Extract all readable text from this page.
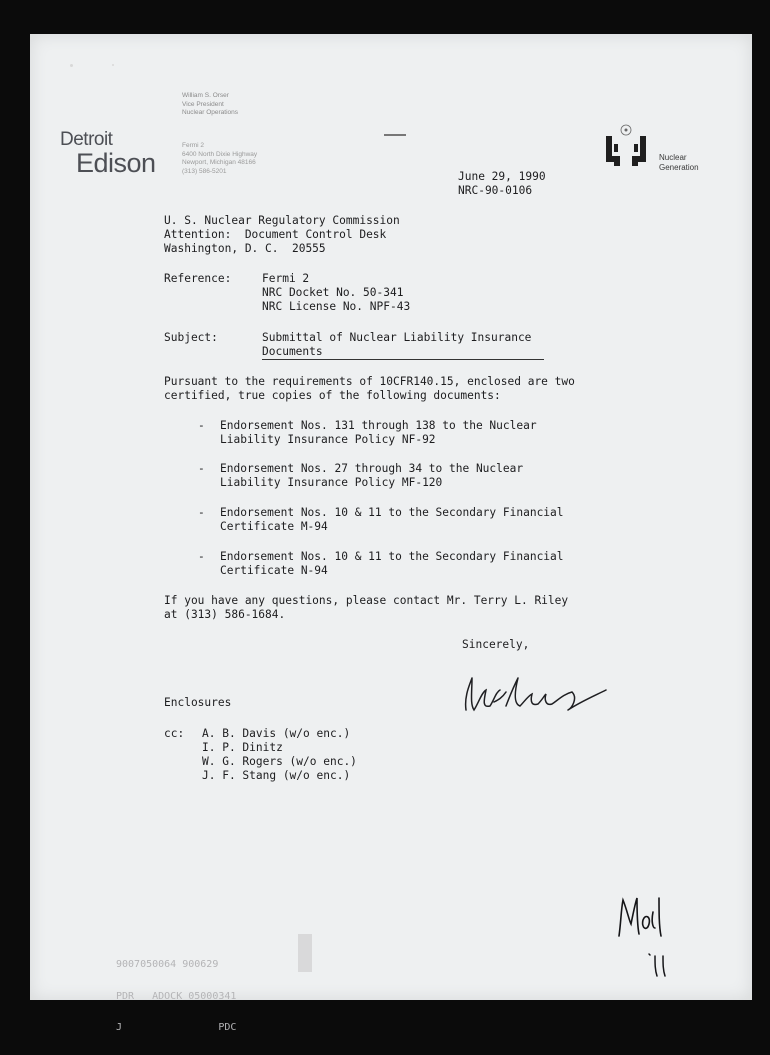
William S. Orser
Vice President
Nuclear Operations
Detroit
Edison
Fermi 2
6400 North Dixie Highway
Newport, Michigan 48166
(313) 586-5201
Nuclear
Generation
June 29, 1990
NRC-90-0106
U. S. Nuclear Regulatory Commission
Attention:  Document Control Desk
Washington, D. C.  20555
Reference:	Fermi 2
NRC Docket No. 50-341
NRC License No. NPF-43
Subject:	Submittal of Nuclear Liability Insurance
Documents
Pursuant to the requirements of 10CFR140.15, enclosed are two
certified, true copies of the following documents:
- Endorsement Nos. 131 through 138 to the Nuclear
Liability Insurance Policy NF-92
- Endorsement Nos. 27 through 34 to the Nuclear
Liability Insurance Policy MF-120
- Endorsement Nos. 10 & 11 to the Secondary Financial
Certificate M-94
- Endorsement Nos. 10 & 11 to the Secondary Financial
Certificate N-94
If you have any questions, please contact Mr. Terry L. Riley
at (313) 586-1684.
Sincerely,
Enclosures
cc: A. B. Davis (w/o enc.)
I. P. Dinitz
W. G. Rogers (w/o enc.)
J. F. Stang (w/o enc.)

9007050064 900629

PDR   ADOCK 05000341

J                PDC
